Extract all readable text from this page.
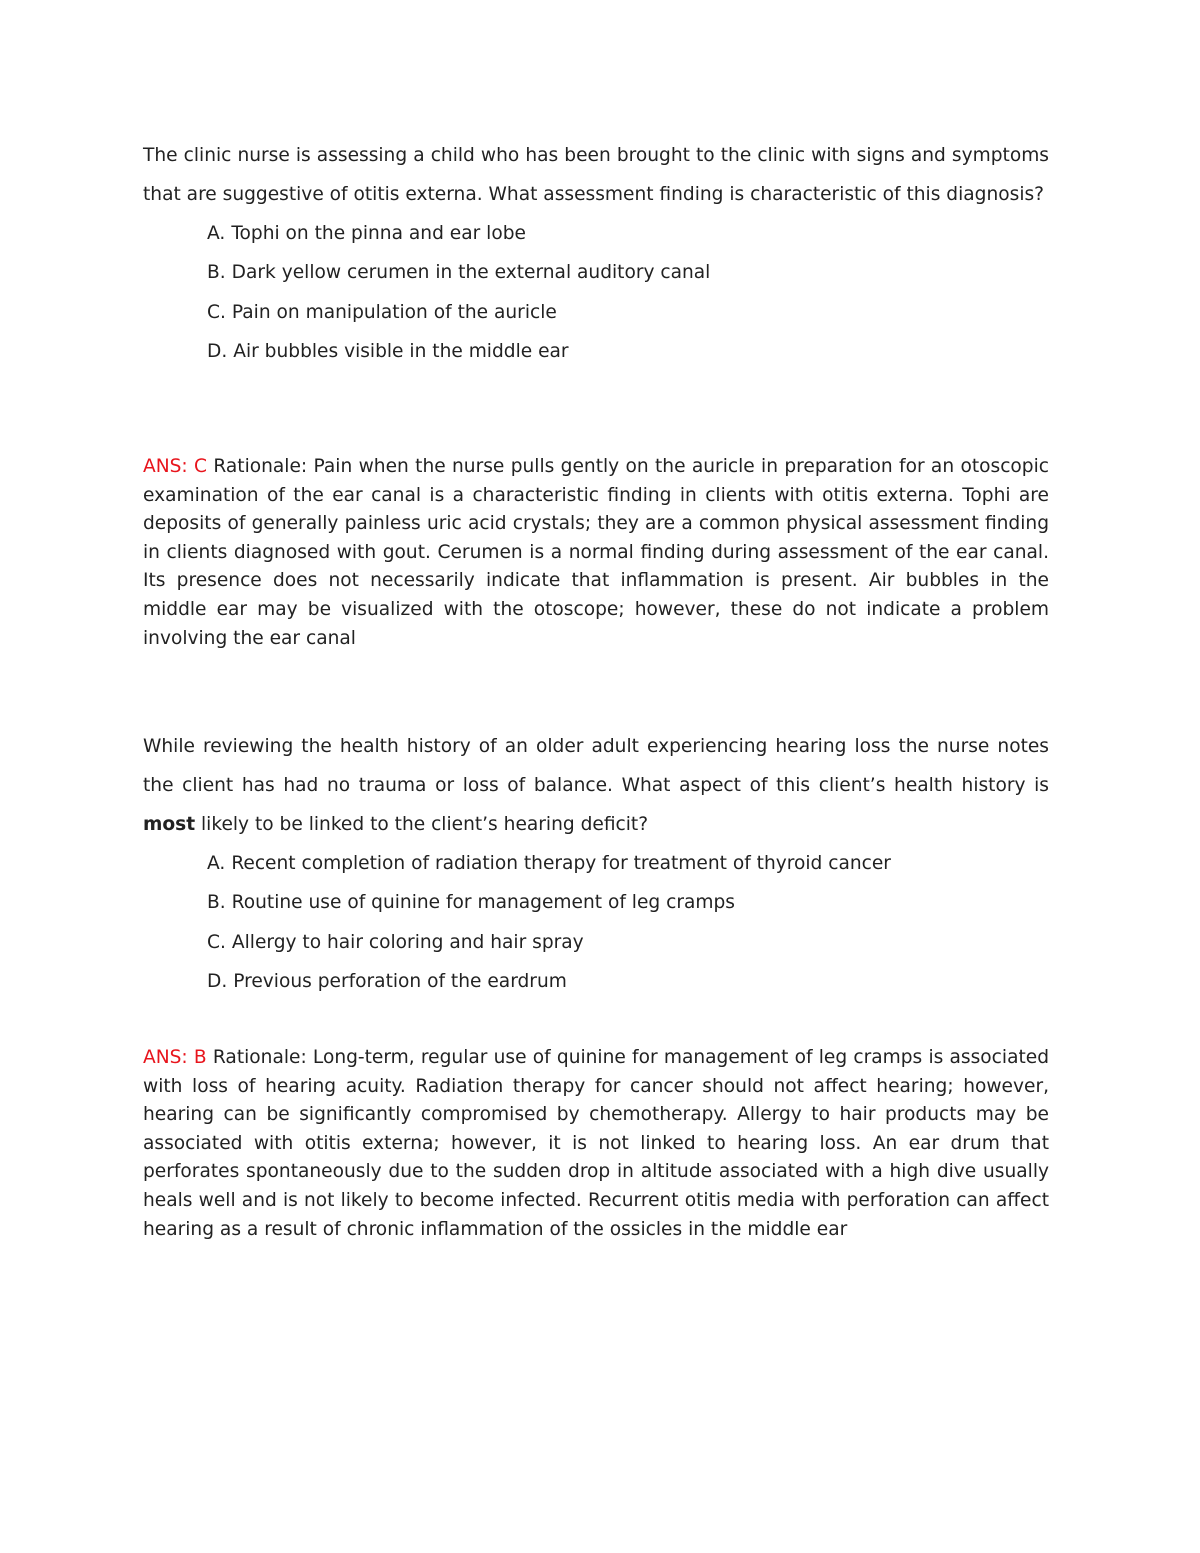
The clinic nurse is assessing a child who has been brought to the clinic with signs and symptoms that are suggestive of otitis externa. What assessment finding is characteristic of this diagnosis?

A. Tophi on the pinna and ear lobe
B. Dark yellow cerumen in the external auditory canal
C. Pain on manipulation of the auricle
D. Air bubbles visible in the middle ear

ANS: C Rationale: Pain when the nurse pulls gently on the auricle in preparation for an otoscopic examination of the ear canal is a characteristic finding in clients with otitis externa. Tophi are deposits of generally painless uric acid crystals; they are a common physical assessment finding in clients diagnosed with gout. Cerumen is a normal finding during assessment of the ear canal. Its presence does not necessarily indicate that inflammation is present. Air bubbles in the middle ear may be visualized with the otoscope; however, these do not indicate a problem involving the ear canal

While reviewing the health history of an older adult experiencing hearing loss the nurse notes the client has had no trauma or loss of balance. What aspect of this client’s health history is most likely to be linked to the client’s hearing deficit?

A. Recent completion of radiation therapy for treatment of thyroid cancer
B. Routine use of quinine for management of leg cramps
C. Allergy to hair coloring and hair spray
D. Previous perforation of the eardrum

ANS: B Rationale: Long-term, regular use of quinine for management of leg cramps is associated with loss of hearing acuity. Radiation therapy for cancer should not affect hearing; however, hearing can be significantly compromised by chemotherapy. Allergy to hair products may be associated with otitis externa; however, it is not linked to hearing loss. An ear drum that perforates spontaneously due to the sudden drop in altitude associated with a high dive usually heals well and is not likely to become infected. Recurrent otitis media with perforation can affect hearing as a result of chronic inflammation of the ossicles in the middle ear
